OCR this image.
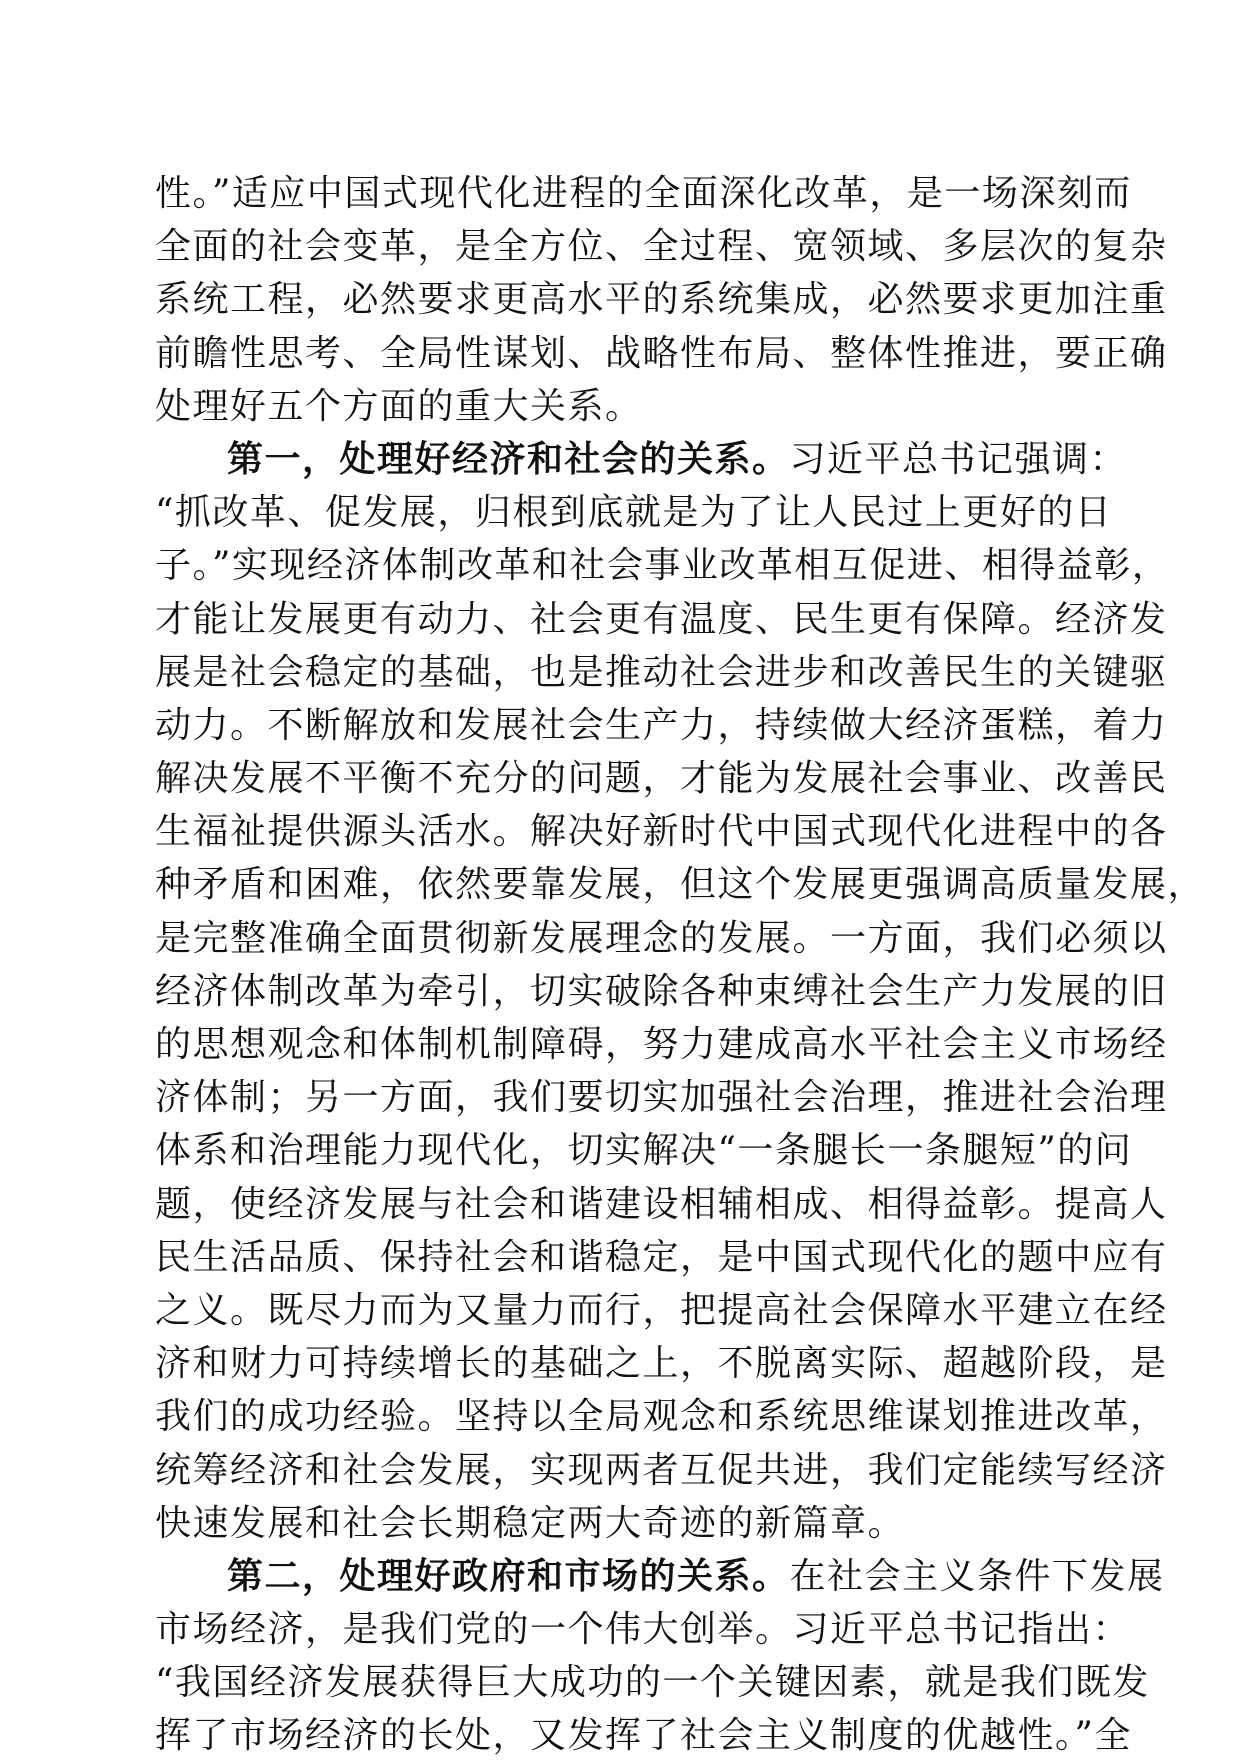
性。”适应中国式现代化进程的全面深化改革，是一场深刻而
全面的社会变革，是全方位、全过程、宽领域、多层次的复杂
系统工程，必然要求更高水平的系统集成，必然要求更加注重
前瞻性思考、全局性谋划、战略性布局、整体性推进，要正确
处理好五个方面的重大关系。
第一，处理好经济和社会的关系。习近平总书记强调：
“抓改革、促发展，归根到底就是为了让人民过上更好的日
子。”实现经济体制改革和社会事业改革相互促进、相得益彰，
才能让发展更有动力、社会更有温度、民生更有保障。经济发
展是社会稳定的基础，也是推动社会进步和改善民生的关键驱
动力。不断解放和发展社会生产力，持续做大经济蛋糕，着力
解决发展不平衡不充分的问题，才能为发展社会事业、改善民
生福祉提供源头活水。解决好新时代中国式现代化进程中的各
种矛盾和困难，依然要靠发展，但这个发展更强调高质量发展，
是完整准确全面贯彻新发展理念的发展。一方面，我们必须以
经济体制改革为牵引，切实破除各种束缚社会生产力发展的旧
的思想观念和体制机制障碍，努力建成高水平社会主义市场经
济体制；另一方面，我们要切实加强社会治理，推进社会治理
体系和治理能力现代化，切实解决“一条腿长一条腿短”的问
题，使经济发展与社会和谐建设相辅相成、相得益彰。提高人
民生活品质、保持社会和谐稳定，是中国式现代化的题中应有
之义。既尽力而为又量力而行，把提高社会保障水平建立在经
济和财力可持续增长的基础之上，不脱离实际、超越阶段，是
我们的成功经验。坚持以全局观念和系统思维谋划推进改革，
统筹经济和社会发展，实现两者互促共进，我们定能续写经济
快速发展和社会长期稳定两大奇迹的新篇章。
第二，处理好政府和市场的关系。在社会主义条件下发展
市场经济，是我们党的一个伟大创举。习近平总书记指出：
“我国经济发展获得巨大成功的一个关键因素，就是我们既发
挥了市场经济的长处，又发挥了社会主义制度的优越性。”全
